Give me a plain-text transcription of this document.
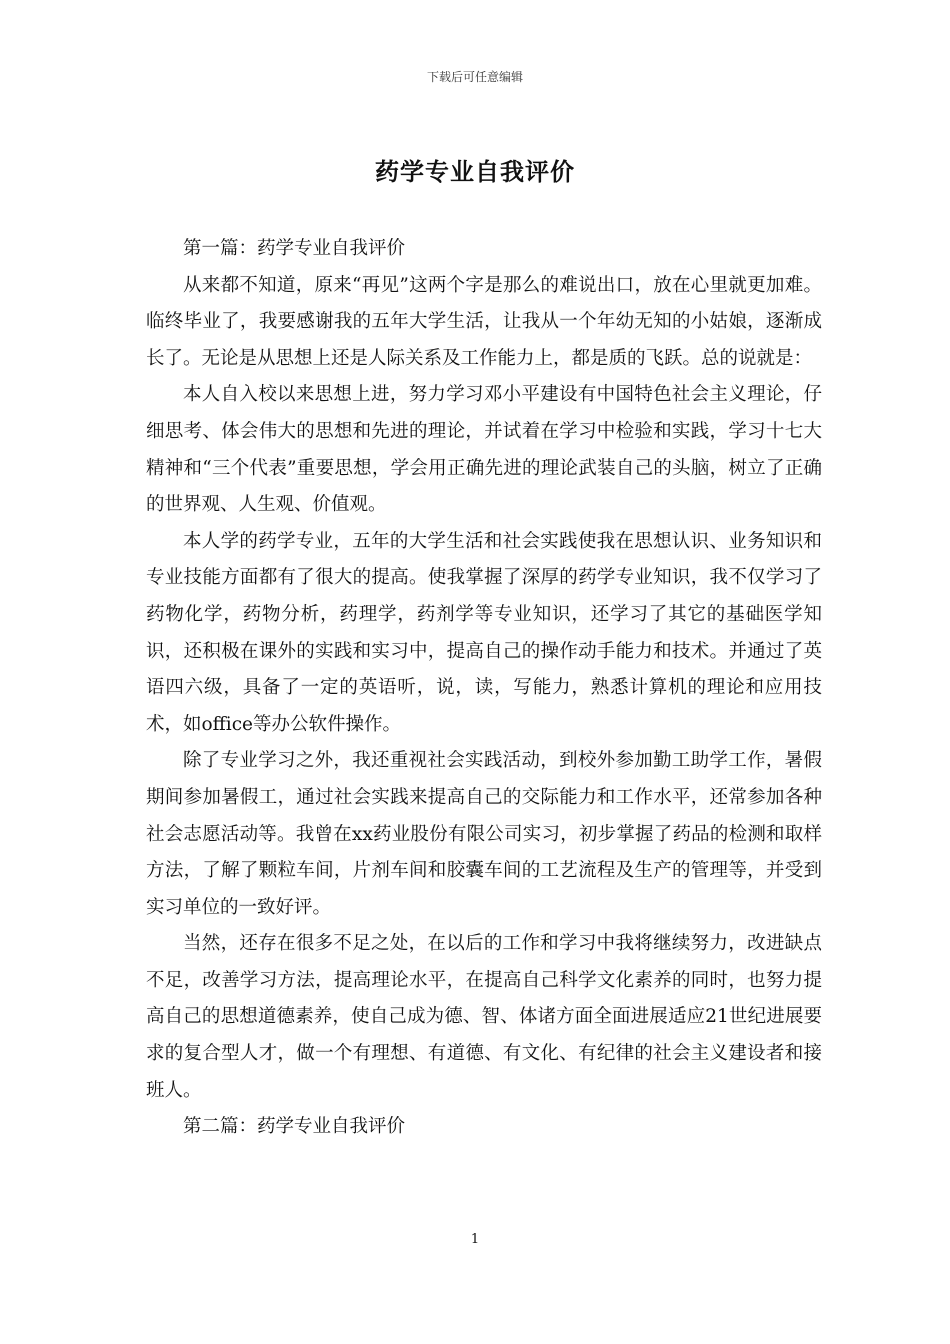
下载后可任意编辑
药学专业自我评价

第一篇：药学专业自我评价

从来都不知道，原来“再见”这两个字是那么的难说出口，放在心里就更加难。临终毕业了，我要感谢我的五年大学生活，让我从一个年幼无知的小姑娘，逐渐成长了。无论是从思想上还是人际关系及工作能力上，都是质的飞跃。总的说就是：

本人自入校以来思想上进，努力学习邓小平建设有中国特色社会主义理论，仔细思考、体会伟大的思想和先进的理论，并试着在学习中检验和实践，学习十七大精神和“三个代表”重要思想，学会用正确先进的理论武装自己的头脑，树立了正确的世界观、人生观、价值观。

本人学的药学专业，五年的大学生活和社会实践使我在思想认识、业务知识和专业技能方面都有了很大的提高。使我掌握了深厚的药学专业知识，我不仅学习了药物化学，药物分析，药理学，药剂学等专业知识，还学习了其它的基础医学知识，还积极在课外的实践和实习中，提高自己的操作动手能力和技术。并通过了英语四六级，具备了一定的英语听，说，读，写能力，熟悉计算机的理论和应用技术，如office等办公软件操作。

除了专业学习之外，我还重视社会实践活动，到校外参加勤工助学工作，暑假期间参加暑假工，通过社会实践来提高自己的交际能力和工作水平，还常参加各种社会志愿活动等。我曾在xx药业股份有限公司实习，初步掌握了药品的检测和取样方法，了解了颗粒车间，片剂车间和胶囊车间的工艺流程及生产的管理等，并受到实习单位的一致好评。

当然，还存在很多不足之处，在以后的工作和学习中我将继续努力，改进缺点不足，改善学习方法，提高理论水平，在提高自己科学文化素养的同时，也努力提高自己的思想道德素养，使自己成为德、智、体诸方面全面进展适应21世纪进展要求的复合型人才，做一个有理想、有道德、有文化、有纪律的社会主义建设者和接班人。

第二篇：药学专业自我评价

1
